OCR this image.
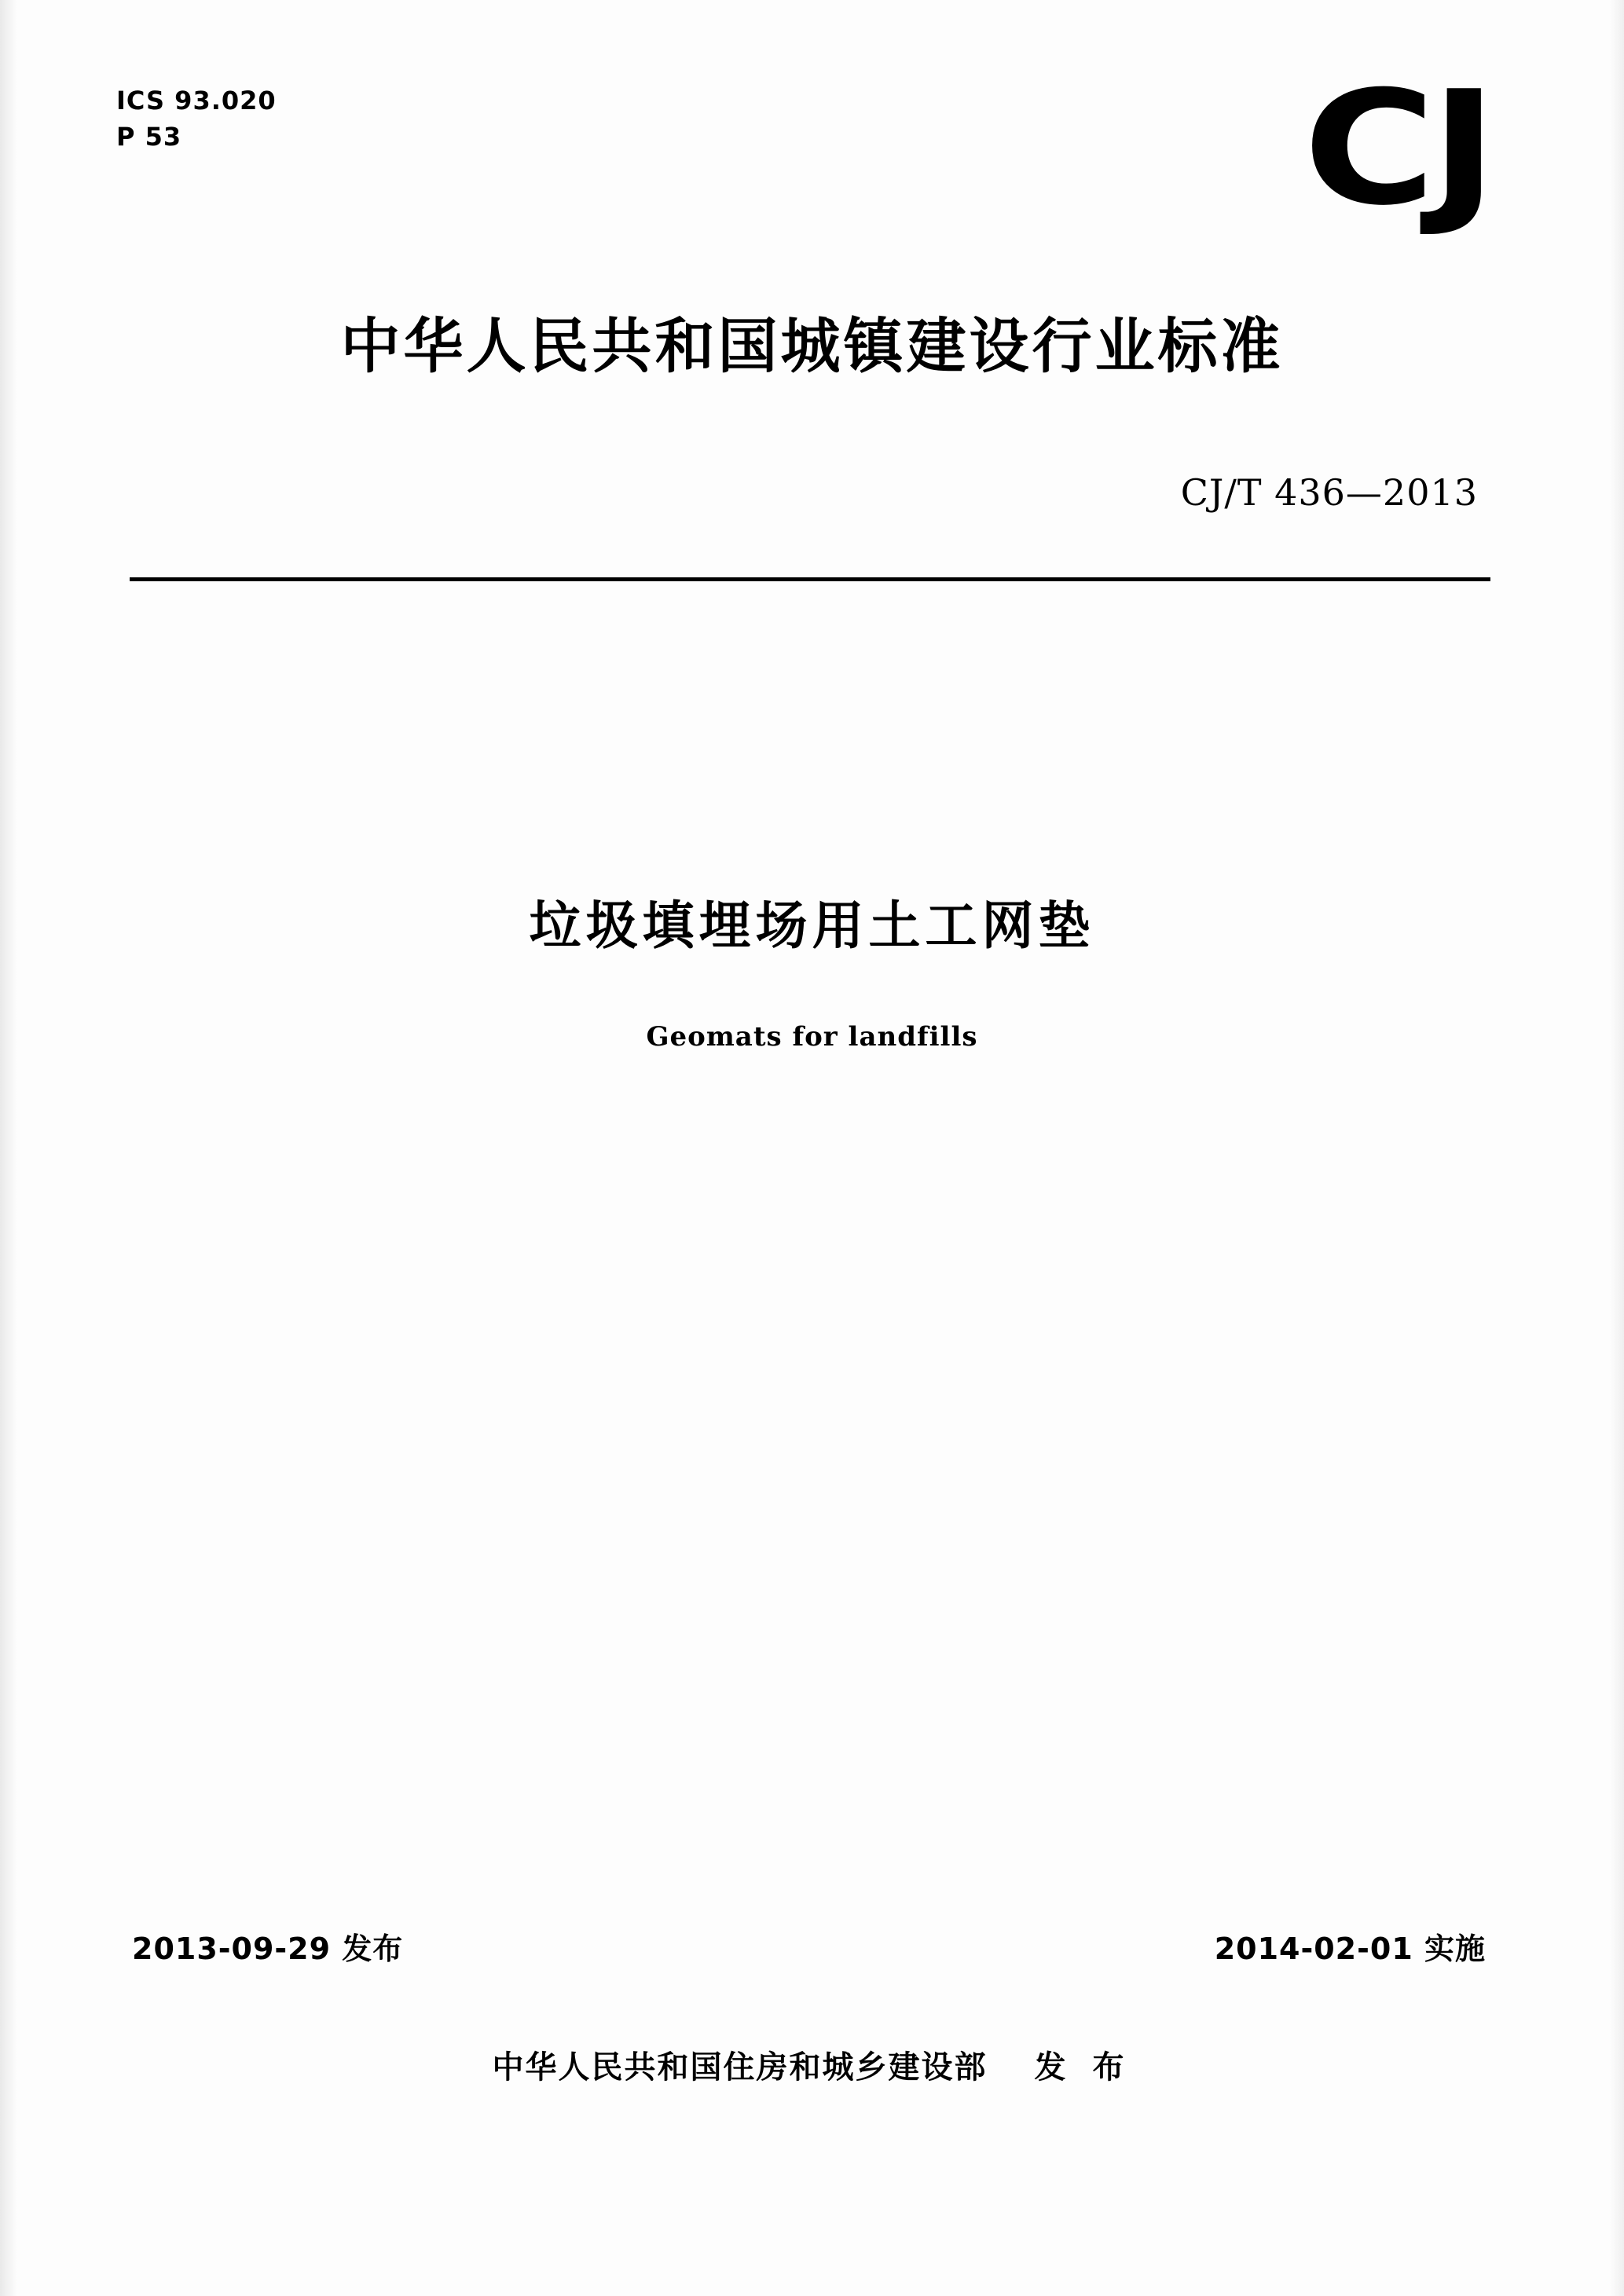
ICS 93.020
P 53	CJ
中华人民共和国城镇建设行业标准
CJ/T 436—2013
垃圾填埋场用土工网垫
Geomats for landfills
2013-09-29 发布	2014-02-01 实施
中华人民共和国住房和城乡建设部 发 布
